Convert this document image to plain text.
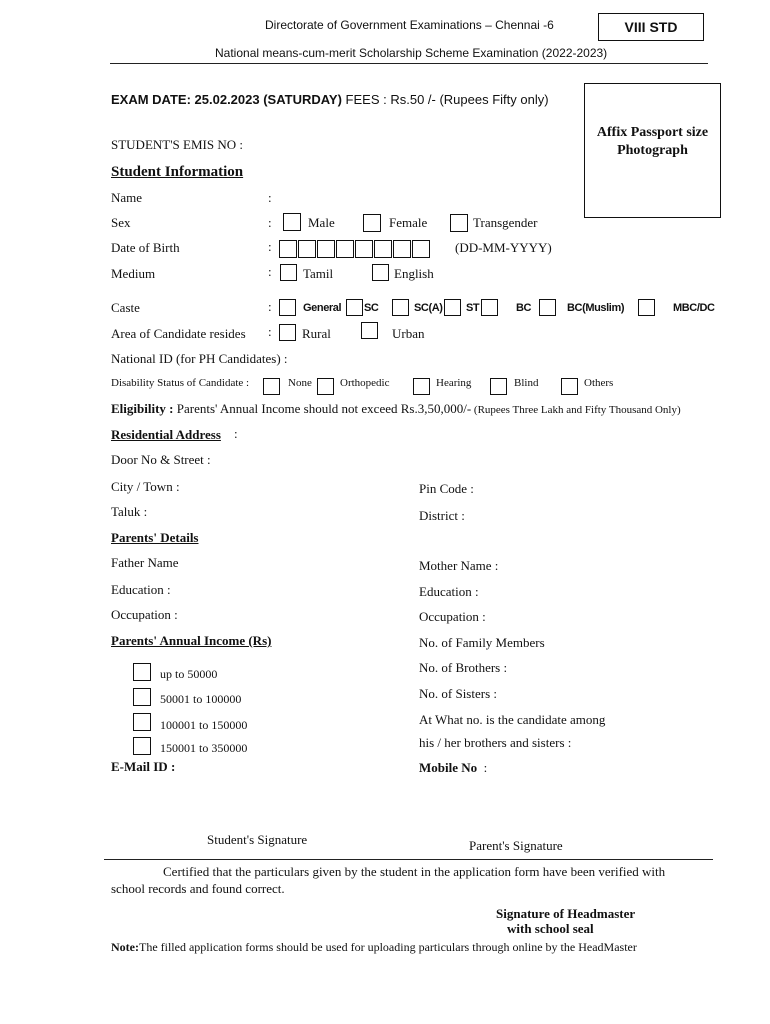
Directorate of Government Examinations – Chennai -6	VIII STD
National means-cum-merit Scholarship Scheme Examination (2022-2023)
EXAM DATE: 25.02.2023 (SATURDAY) FEES : Rs.50 /- (Rupees Fifty only)
Affix Passport size Photograph
STUDENT'S EMIS NO :
Student Information
Name	:
Sex	:	Male	Female	Transgender
Date of Birth	:	(DD-MM-YYYY)
Medium	: Tamil	English
Caste	:	General SC	SC(A) ST	BC	BC(Muslim)	MBC/DC
Area of Candidate resides : Rural	Urban
National ID (for PH Candidates) :
Disability Status of Candidate :	None	Orthopedic	Hearing	Blind	Others
Eligibility : Parents' Annual Income should not exceed Rs.3,50,000/- (Rupees Three Lakh and Fifty Thousand Only)
Residential Address :
Door No & Street :
City / Town :	Pin Code :
Taluk :	District :
Parents' Details
Father Name	Mother Name :
Education :	Education :
Occupation :	Occupation :
Parents' Annual Income (Rs)
up to 50000
50001 to 100000
100001 to 150000
150001 to 350000
No. of Family Members
No. of Brothers :
No. of Sisters :
At What no. is the candidate among
his / her brothers and sisters :
E-Mail ID :	Mobile No :
Student's Signature	Parent's Signature
Certified that the particulars given by the student in the application form have been verified with
school records and found correct.
Signature of Headmaster
with school seal
Note:The filled application forms should be used for uploading particulars through online by the HeadMaster
